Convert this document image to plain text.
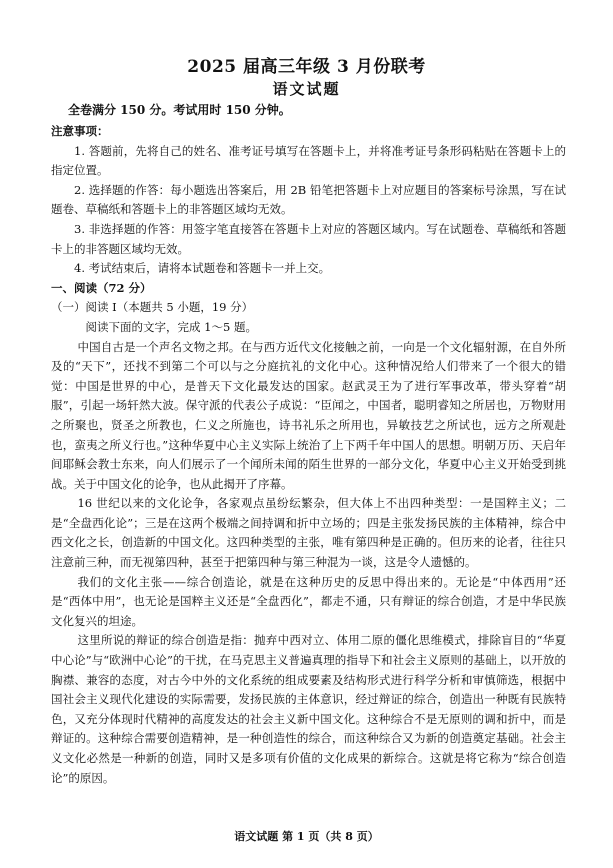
2025 届高三年级 3 月份联考
语文试题
全卷满分 150 分。考试用时 150 分钟。
注意事项：

1. 答题前，先将自己的姓名、准考证号填写在答题卡上，并将准考证号条形码粘贴在答题卡上的指定位置。

2. 选择题的作答：每小题选出答案后，用 2B 铅笔把答题卡上对应题目的答案标号涂黑，写在试题卷、草稿纸和答题卡上的非答题区域均无效。

3. 非选择题的作答：用签字笔直接答在答题卡上对应的答题区域内。写在试题卷、草稿纸和答题卡上的非答题区域均无效。

4. 考试结束后，请将本试题卷和答题卡一并上交。

一、阅读（72 分）

（一）阅读 Ⅰ（本题共 5 小题，19 分）

阅读下面的文字，完成 1～5 题。

中国自古是一个声名文物之邦。在与西方近代文化接触之前，一向是一个文化辐射源，在自外所及的“天下”，还找不到第二个可以与之分庭抗礼的文化中心。这种情况给人们带来了一个很大的错觉：中国是世界的中心，是普天下文化最发达的国家。赵武灵王为了进行军事改革，带头穿着“胡服”，引起一场轩然大波。保守派的代表公子成说：“臣闻之，中国者，聪明睿知之所居也，万物财用之所聚也，贤圣之所教也，仁义之所施也，诗书礼乐之所用也，异敏技艺之所试也，远方之所观赴也，蛮夷之所义行也。”这种华夏中心主义实际上统治了上下两千年中国人的思想。明朝万历、天启年间耶稣会教士东来，向人们展示了一个闻所未闻的陌生世界的一部分文化，华夏中心主义开始受到挑战。关于中国文化的论争，也从此揭开了序幕。

16 世纪以来的文化论争，各家观点虽纷纭繁杂，但大体上不出四种类型：一是国粹主义；二是“全盘西化论”；三是在这两个极端之间持调和折中立场的；四是主张发扬民族的主体精神，综合中西文化之长，创造新的中国文化。这四种类型的主张，唯有第四种是正确的。但历来的论者，往往只注意前三种，而无视第四种，甚至于把第四种与第三种混为一谈，这是令人遗憾的。

我们的文化主张——综合创造论，就是在这种历史的反思中得出来的。无论是“中体西用”还是“西体中用”，也无论是国粹主义还是“全盘西化”，都走不通，只有辩证的综合创造，才是中华民族文化复兴的坦途。

这里所说的辩证的综合创造是指：抛弃中西对立、体用二原的僵化思维模式，排除盲目的“华夏中心论”与“欧洲中心论”的干扰，在马克思主义普遍真理的指导下和社会主义原则的基础上，以开放的胸襟、兼容的态度，对古今中外的文化系统的组成要素及结构形式进行科学分析和审慎筛选，根据中国社会主义现代化建设的实际需要，发扬民族的主体意识，经过辩证的综合，创造出一种既有民族特色，又充分体现时代精神的高度发达的社会主义新中国文化。这种综合不是无原则的调和折中，而是辩证的。这种综合需要创造精神，是一种创造性的综合，而这种综合又为新的创造奠定基础。社会主义文化必然是一种新的创造，同时又是多项有价值的文化成果的新综合。这就是将它称为“综合创造论”的原因。

语文试题 第 1 页（共 8 页）
